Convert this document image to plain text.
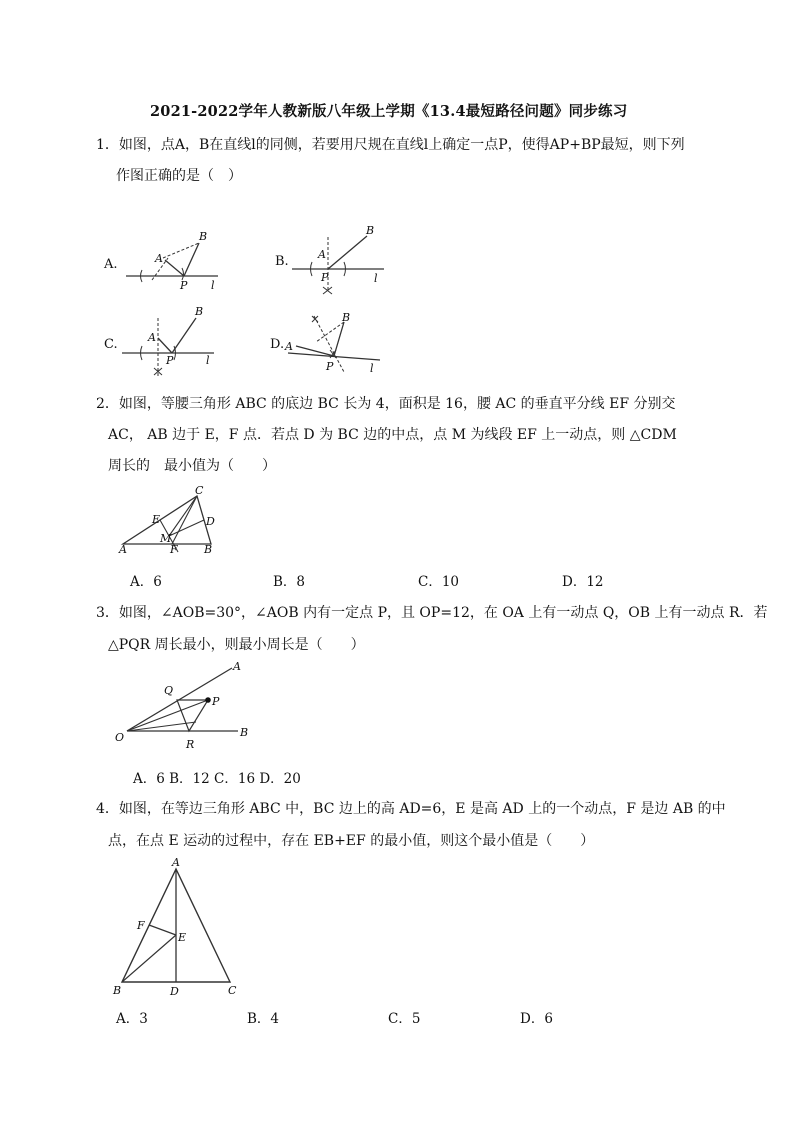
2021-2022学年人教新版八年级上学期《13.4最短路径问题》同步练习
1．如图，点A，B在直线l的同侧，若要用尺规在直线l上确定一点P，使得AP+BP最短，则下列
作图正确的是（　）
A.	A
B
P l
B.	A
B
P	l
C.	A
B
P	l
D. A
B
P	l
2．如图，等腰三角形 ABC 的底边 BC 长为 4，面积是 16，腰 AC 的垂直平分线 EF 分别交
AC， AB 边于 E，F 点．若点 D 为 BC 边的中点，点 M 为线段 EF 上一动点，则 △CDM
周长的　最小值为（　　）
A	B
C
D
E
F
M
A．6	B．8	C．10	D．12
3．如图，∠AOB=30°，∠AOB 内有一定点 P，且 OP=12，在 OA 上有一动点 Q，OB 上有一动点 R．若
△PQR 周长最小，则最小周长是（　　）
A
B
O
P
Q
R
A．6 B．12 C．16 D．20
4．如图，在等边三角形 ABC 中，BC 边上的高 AD=6，E 是高 AD 上的一个动点，F 是边 AB 的中
点，在点 E 运动的过程中，存在 EB+EF 的最小值，则这个最小值是（　　）
A
B	C
D
E
F
A．3	B．4	C．5	D．6
